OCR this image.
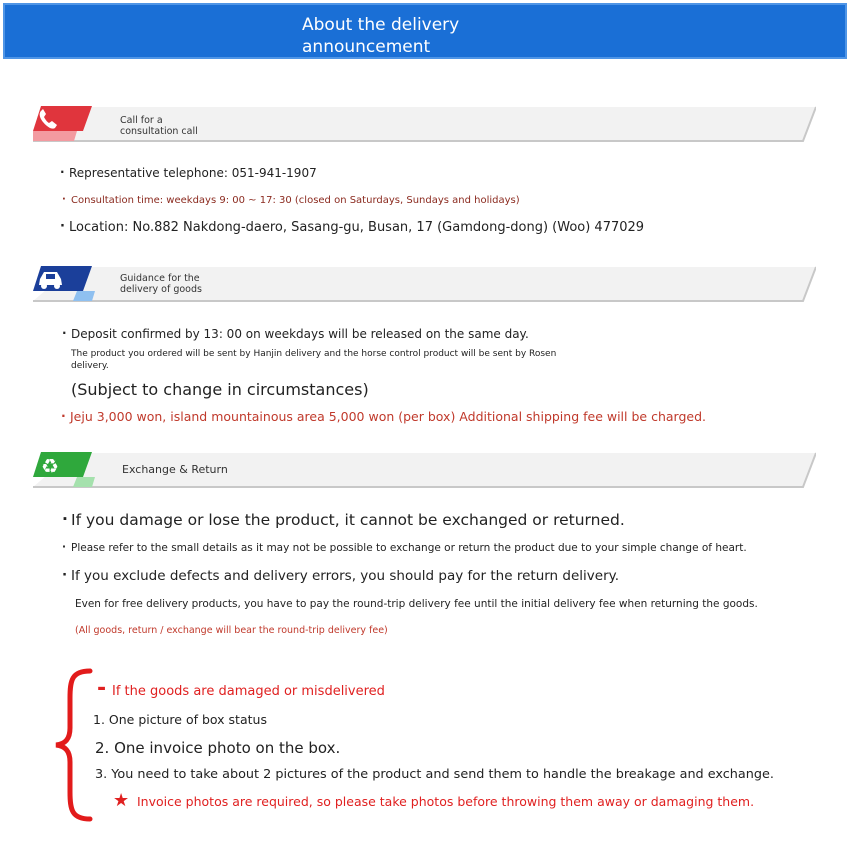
About the delivery
announcement
Call for a
consultation call
· Representative telephone: 051-941-1907
· Consultation time: weekdays 9: 00 ~ 17: 30 (closed on Saturdays, Sundays and holidays)
· Location: No.882 Nakdong-daero, Sasang-gu, Busan, 17 (Gamdong-dong) (Woo) 477029
Guidance for the
delivery of goods
· Deposit confirmed by 13: 00 on weekdays will be released on the same day.
The product you ordered will be sent by Hanjin delivery and the horse control product will be sent by Rosen
delivery.
(Subject to change in circumstances)
· Jeju 3,000 won, island mountainous area 5,000 won (per box) Additional shipping fee will be charged.
♻	Exchange & Return
· If you damage or lose the product, it cannot be exchanged or returned.
· Please refer to the small details as it may not be possible to exchange or return the product due to your simple change of heart.
· If you exclude defects and delivery errors, you should pay for the return delivery.
Even for free delivery products, you have to pay the round-trip delivery fee until the initial delivery fee when returning the goods.
(All goods, return / exchange will bear the round-trip delivery fee)
- If the goods are damaged or misdelivered
1. One picture of box status
2. One invoice photo on the box.
3. You need to take about 2 pictures of the product and send them to handle the breakage and exchange.
★ Invoice photos are required, so please take photos before throwing them away or damaging them.
